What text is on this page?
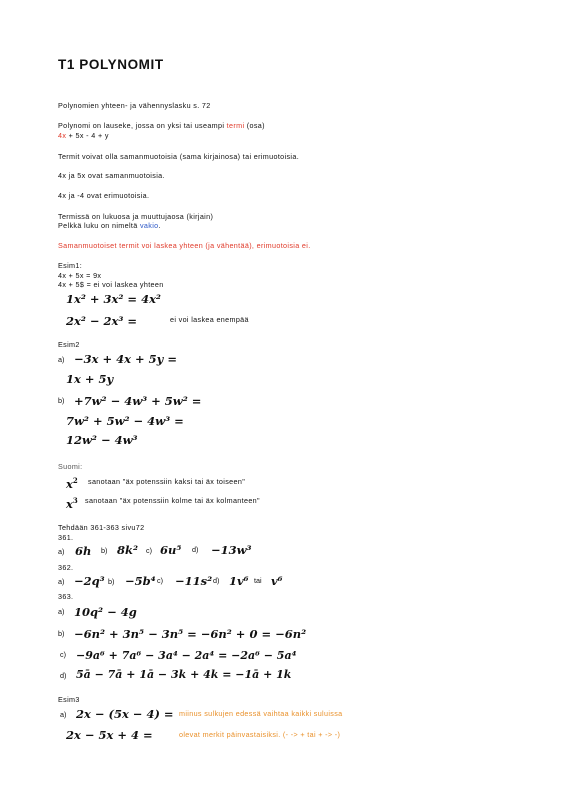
T1 POLYNOMIT
Polynomien yhteen- ja vähennyslasku s. 72
Polynomi on lauseke, jossa on yksi tai useampi termi (osa)
4x + 5x - 4 + y
Termit voivat olla samanmuotoisia (sama kirjainosa) tai erimuotoisia.
4x ja 5x ovat samanmuotoisia.
4x ja -4 ovat erimuotoisia.
Termissä on lukuosa ja muuttujaosa (kirjain)
Pelkkä luku on nimeltä vakio.
Samanmuotoiset termit voi laskea yhteen (ja vähentää), erimuotoisia ei.
Esim1:
4x + 5x = 9x
4x + 5$ = ei voi laskea yhteen
1x² + 3x² = 4x²
2x² − 2x³ =	ei voi laskea enempää
Esim2
a) −3x + 4x + 5y =
1x + 5y
b) +7w² − 4w³ + 5w² =
7w² + 5w² − 4w³ =
12w² − 4w³
Suomi:
$x^2$ sanotaan "äx potenssiin kaksi tai äx toiseen"
$x^3$ sanotaan "äx potenssiin kolme tai äx kolmanteen"
Tehdään 361-363 sivu72
361.
a) 6h b) 8k² c) 6u⁵ d) −13w³
362.
a) −2q³ b) −5b⁴ c) −11s² d) 1v⁶ tai v⁶
363.
a) 10q² − 4g
b) −6n² + 3n⁵ − 3n⁵ = −6n² + 0 = −6n²
c) −9a⁶ + 7a⁶ − 3a⁴ − 2a⁴ = −2a⁶ − 5a⁴
d) 5ā − 7ā + 1ā − 3k + 4k = −1ā + 1k
Esim3
a) 2x − (5x − 4) = miinus sulkujen edessä vaihtaa kaikki suluissa
2x − 5x + 4 =	olevat merkit päinvastaisiksi. (- -> + tai + -> -)
